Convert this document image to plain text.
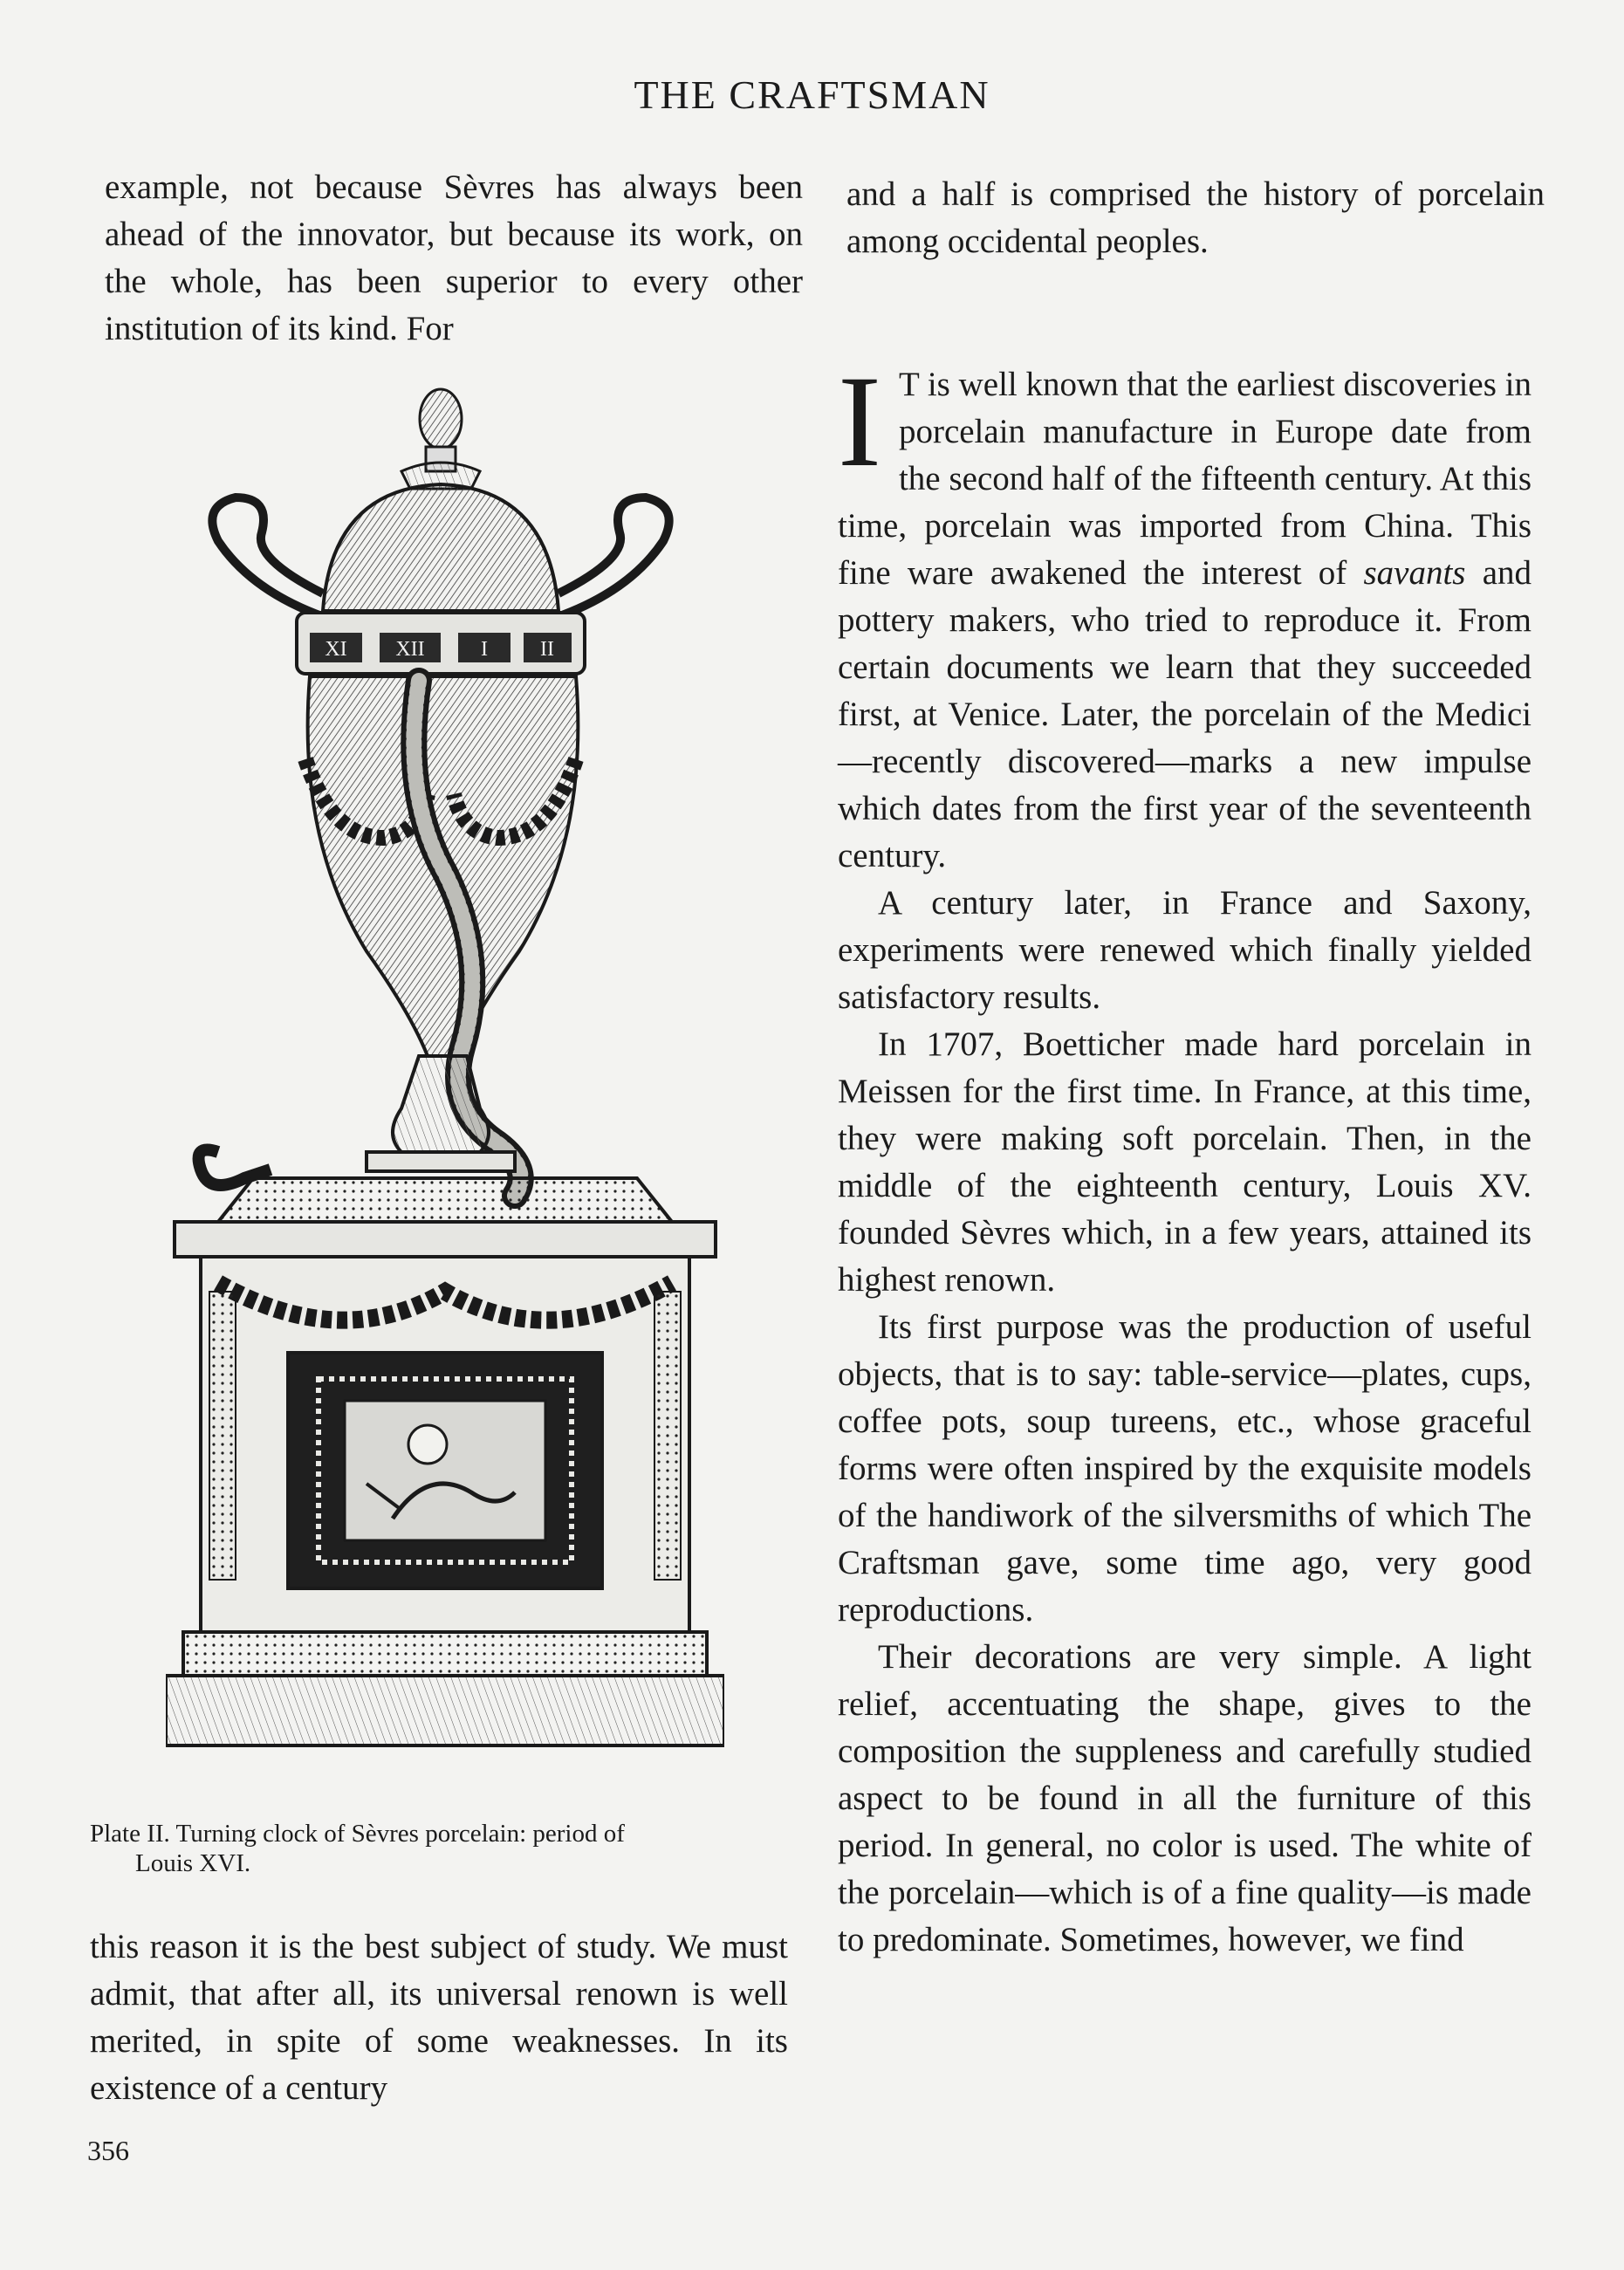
THE CRAFTSMAN

example, not because Sèvres has always been ahead of the innovator, but because its work, on the whole, has been superior to every other institution of its kind. For

XI XII	I	II
Plate II. Turning clock of Sèvres porcelain: period of
Louis XVI.

this reason it is the best subject of study. We must admit, that after all, its universal renown is well merited, in spite of some weaknesses. In its existence of a century

and a half is comprised the history of porcelain among occidental peoples.

I T is well known that the earliest discoveries in porcelain manufacture in Europe date from the second half of the fifteenth century. At this time, porcelain was imported from China. This fine ware awakened the interest of savants and pottery makers, who tried to reproduce it. From certain documents we learn that they succeeded first, at Venice. Later, the porcelain of the Medici—recently discovered—marks a new impulse which dates from the first year of the seventeenth century.

A century later, in France and Saxony, experiments were renewed which finally yielded satisfactory results.

In 1707, Boetticher made hard porcelain in Meissen for the first time. In France, at this time, they were making soft porcelain. Then, in the middle of the eighteenth century, Louis XV. founded Sèvres which, in a few years, attained its highest renown.

Its first purpose was the production of useful objects, that is to say: table-service—plates, cups, coffee pots, soup tureens, etc., whose graceful forms were often inspired by the exquisite models of the handiwork of the silversmiths of which The Craftsman gave, some time ago, very good reproductions.

Their decorations are very simple. A light relief, accentuating the shape, gives to the composition the suppleness and carefully studied aspect to be found in all the furniture of this period. In general, no color is used. The white of the porcelain—which is of a fine quality—is made to predominate. Sometimes, however, we find

356
